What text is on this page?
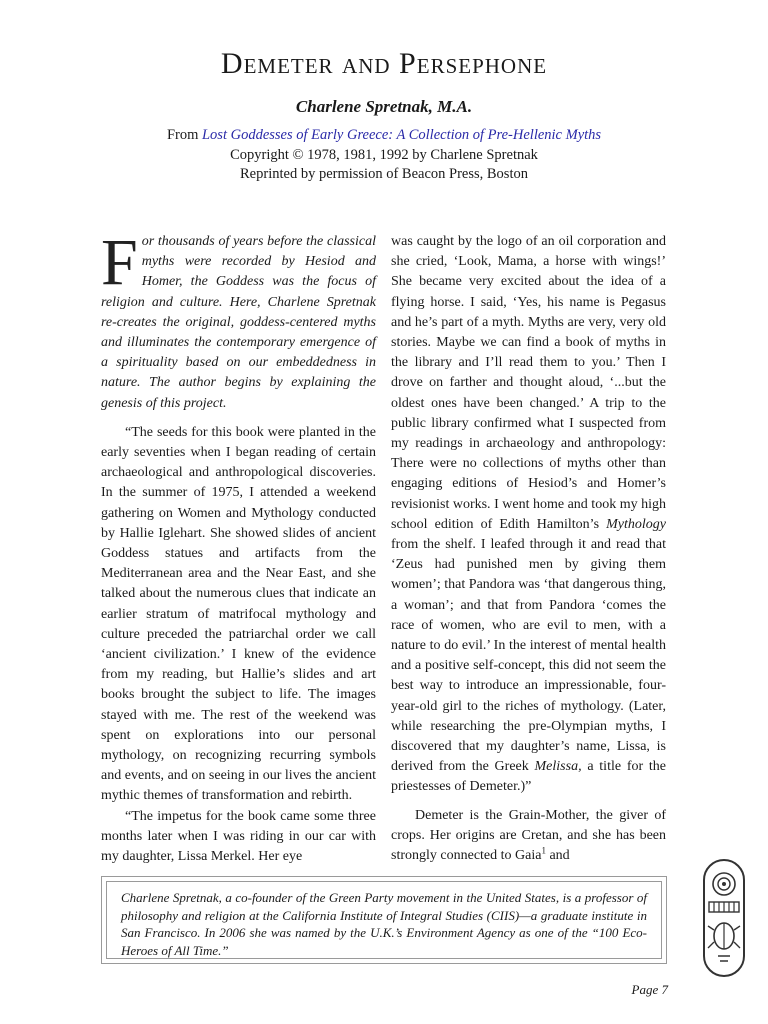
Demeter and Persephone
Charlene Spretnak, M.A.
From Lost Goddesses of Early Greece: A Collection of Pre-Hellenic Myths
Copyright © 1978, 1981, 1992 by Charlene Spretnak
Reprinted by permission of Beacon Press, Boston

For thousands of years before the classical myths were recorded by Hesiod and Homer, the Goddess was the focus of religion and culture. Here, Charlene Spretnak re-creates the original, goddess-centered myths and illuminates the contemporary emergence of a spirituality based on our embeddedness in nature. The author begins by explaining the genesis of this project.

“The seeds for this book were planted in the early seventies when I began reading of certain archaeological and anthropological discoveries. In the summer of 1975, I attended a weekend gathering on Women and Mythology conducted by Hallie Iglehart. She showed slides of ancient Goddess statues and artifacts from the Mediterranean area and the Near East, and she talked about the numerous clues that indicate an earlier stratum of matrifocal mythology and culture preceded the patriarchal order we call ‘ancient civilization.’ I knew of the evidence from my reading, but Hallie’s slides and art books brought the subject to life. The images stayed with me. The rest of the weekend was spent on explorations into our personal mythology, on recognizing recurring symbols and events, and on seeing in our lives the ancient mythic themes of transformation and rebirth.

“The impetus for the book came some three months later when I was riding in our car with my daughter, Lissa Merkel. Her eye

was caught by the logo of an oil corporation and she cried, ‘Look, Mama, a horse with wings!’ She became very excited about the idea of a flying horse. I said, ‘Yes, his name is Pegasus and he’s part of a myth. Myths are very, very old stories. Maybe we can find a book of myths in the library and I’ll read them to you.’ Then I drove on farther and thought aloud, ‘...but the oldest ones have been changed.’ A trip to the public library confirmed what I suspected from my readings in archaeology and anthropology: There were no collections of myths other than engaging editions of Hesiod’s and Homer’s revisionist works. I went home and took my high school edition of Edith Hamilton’s Mythology from the shelf. I leafed through it and read that ‘Zeus had punished men by giving them women’; that Pandora was ‘that dangerous thing, a woman’; and that from Pandora ‘comes the race of women, who are evil to men, with a nature to do evil.’ In the interest of mental health and a positive self-concept, this did not seem the best way to introduce an impressionable, four-year-old girl to the riches of mythology. (Later, while researching the pre-Olympian myths, I discovered that my daughter’s name, Lissa, is derived from the Greek Melissa, a title for the priestesses of Demeter.)”

Demeter is the Grain-Mother, the giver of crops. Her origins are Cretan, and she has been strongly connected to Gaia$^1$ and

Charlene Spretnak, a co-founder of the Green Party movement in the United States, is a professor of philosophy and religion at the California Institute of Integral Studies (CIIS)—a graduate institute in San Francisco. In 2006 she was named by the U.K.’s Environment Agency as one of the “100 Eco-Heroes of All Time.”
Page 7
